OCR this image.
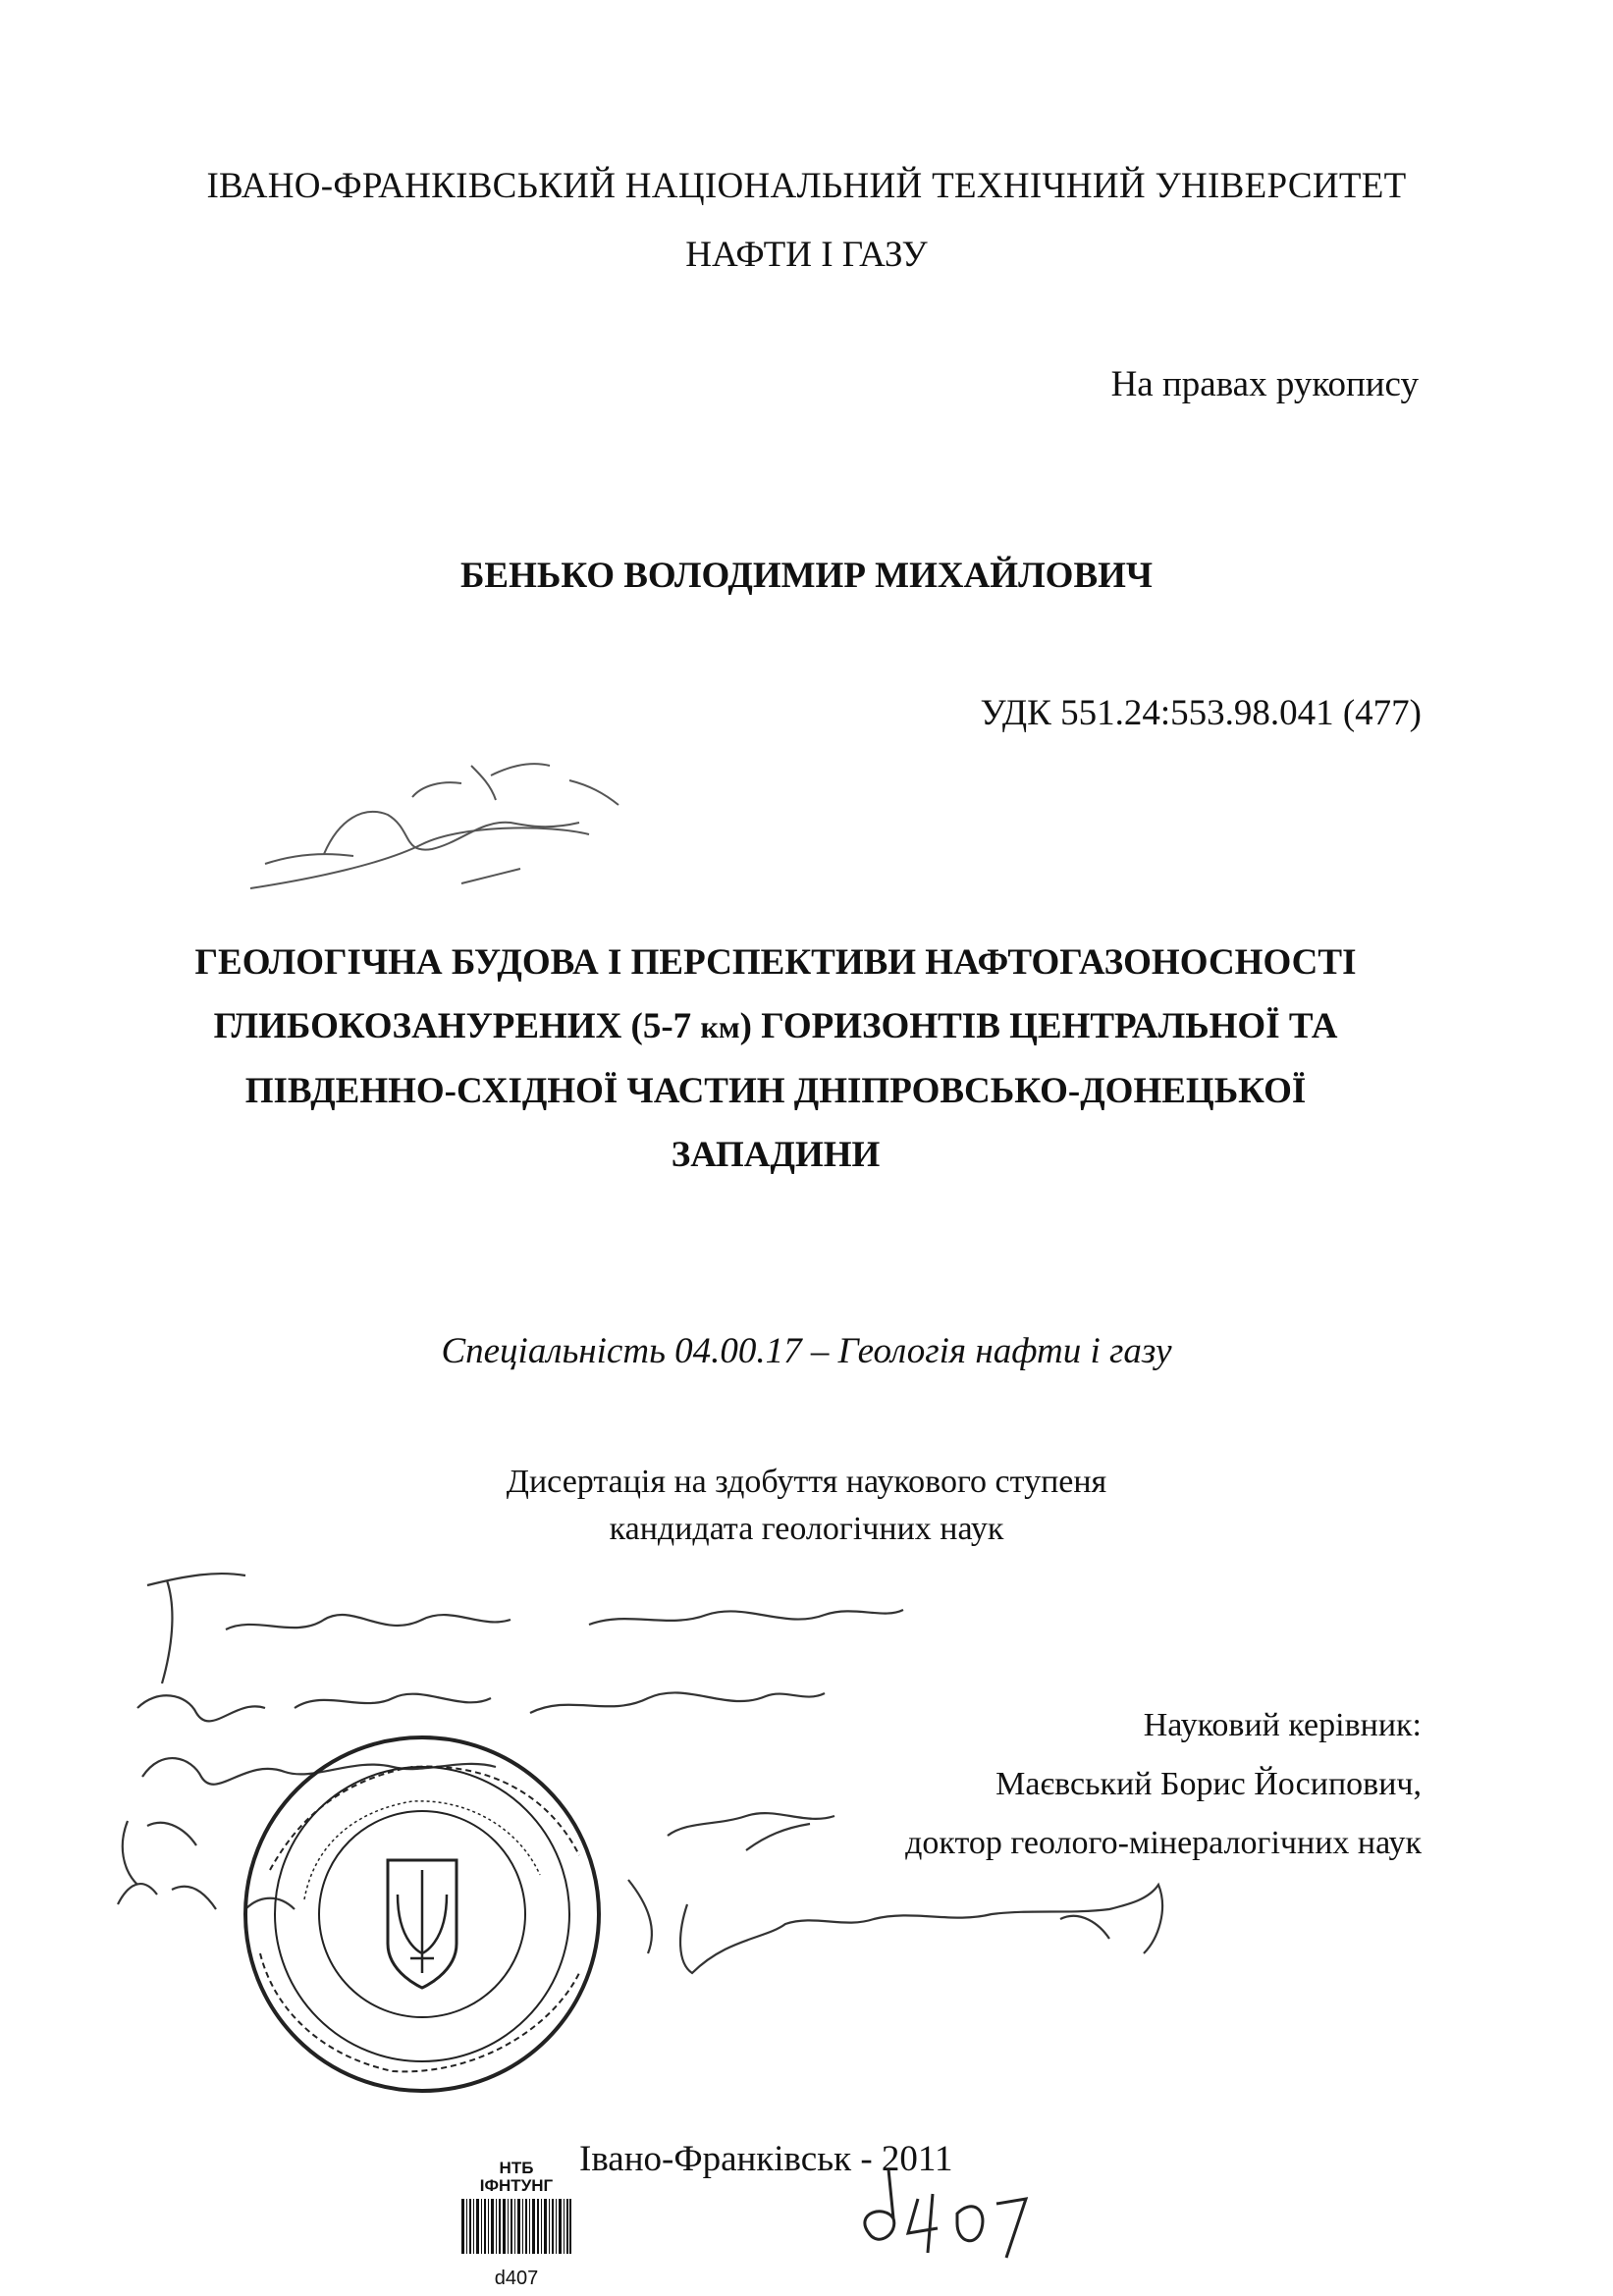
ІВАНО-ФРАНКІВСЬКИЙ НАЦІОНАЛЬНИЙ ТЕХНІЧНИЙ УНІВЕРСИТЕТ
НАФТИ І ГАЗУ
На правах рукопису
БЕНЬКО ВОЛОДИМИР МИХАЙЛОВИЧ
УДК 551.24:553.98.041 (477)
ГЕОЛОГІЧНА БУДОВА І ПЕРСПЕКТИВИ НАФТОГАЗОНОСНОСТІ
ГЛИБОКОЗАНУРЕНИХ (5-7 км) ГОРИЗОНТІВ ЦЕНТРАЛЬНОЇ ТА
ПІВДЕННО-СХІДНОЇ ЧАСТИН ДНІПРОВСЬКО-ДОНЕЦЬКОЇ
ЗАПАДИНИ
Спеціальність 04.00.17 – Геологія нафти і газу
Дисертація на здобуття наукового ступеня
кандидата геологічних наук
Науковий керівник:
Маєвський Борис Йосипович,
доктор геолого-мінералогічних наук
Івано-Франківськ - 2011
НТБ
ІФНТУНГ
d407
